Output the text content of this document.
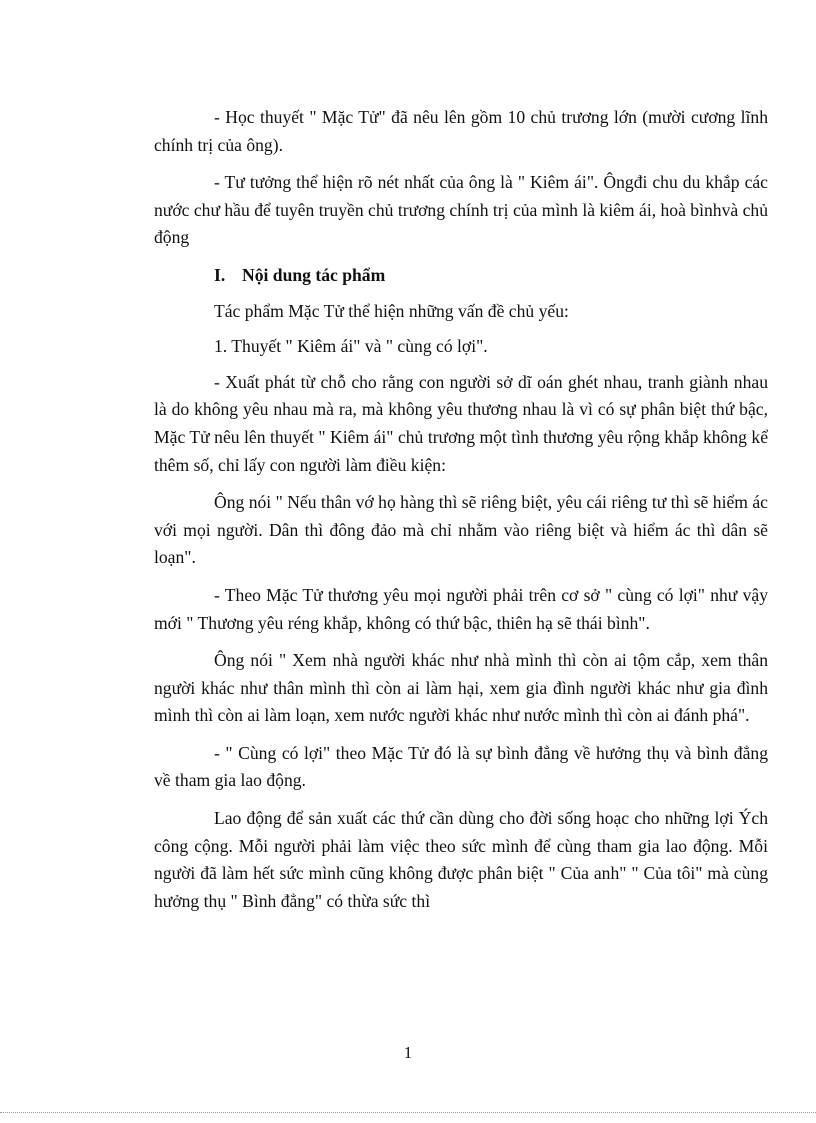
- Học thuyết " Mặc Tử" đã nêu lên gồm 10 chủ trương lớn (mười cương lĩnh chính trị của ông).

- Tư tưởng thể hiện rõ nét nhất của ông là " Kiêm ái". Ôngđi chu du khắp các nước chư hầu để tuyên truyền chủ trương chính trị của mình là kiêm ái, hoà bìnhvà chủ động

I. Nội dung tác phẩm

Tác phẩm Mặc Tử thể hiện những vấn đề chủ yếu:

1. Thuyết " Kiêm ái" và " cùng có lợi".

- Xuất phát từ chỗ cho rằng con người sở dĩ oán ghét nhau, tranh giành nhau là do không yêu nhau mà ra, mà không yêu thương nhau là vì có sự phân biệt thứ bậc, Mặc Tử nêu lên thuyết " Kiêm ái" chủ trương một tình thương yêu rộng khắp không kể thêm số, chỉ lấy con người làm điều kiện:

Ông nói " Nếu thân vớ họ hàng thì sẽ riêng biệt, yêu cái riêng tư thì sẽ hiểm ác với mọi người. Dân thì đông đảo mà chỉ nhằm vào riêng biệt và hiểm ác thì dân sẽ loạn".

- Theo Mặc Tử thương yêu mọi người phải trên cơ sở " cùng có lợi" như vậy mới " Thương yêu réng khắp, không có thứ bậc, thiên hạ sẽ thái bình".

Ông nói " Xem nhà người khác như nhà mình thì còn ai tộm cắp, xem thân người khác như thân mình thì còn ai làm hại, xem gia đình người khác như gia đình mình thì còn ai làm loạn, xem nước người khác như nước mình thì còn ai đánh phá".

- " Cùng có lợi" theo Mặc Tử đó là sự bình đẳng về hưởng thụ và bình đẳng về tham gia lao động.

Lao động để sản xuất các thứ cần dùng cho đời sống hoạc cho những lợi Ých công cộng. Mỗi người phải làm việc theo sức mình để cùng tham gia lao động. Mỗi người đã làm hết sức mình cũng không được phân biệt " Của anh" " Của tôi" mà cùng hưởng thụ " Bình đẳng" có thừa sức thì

1
